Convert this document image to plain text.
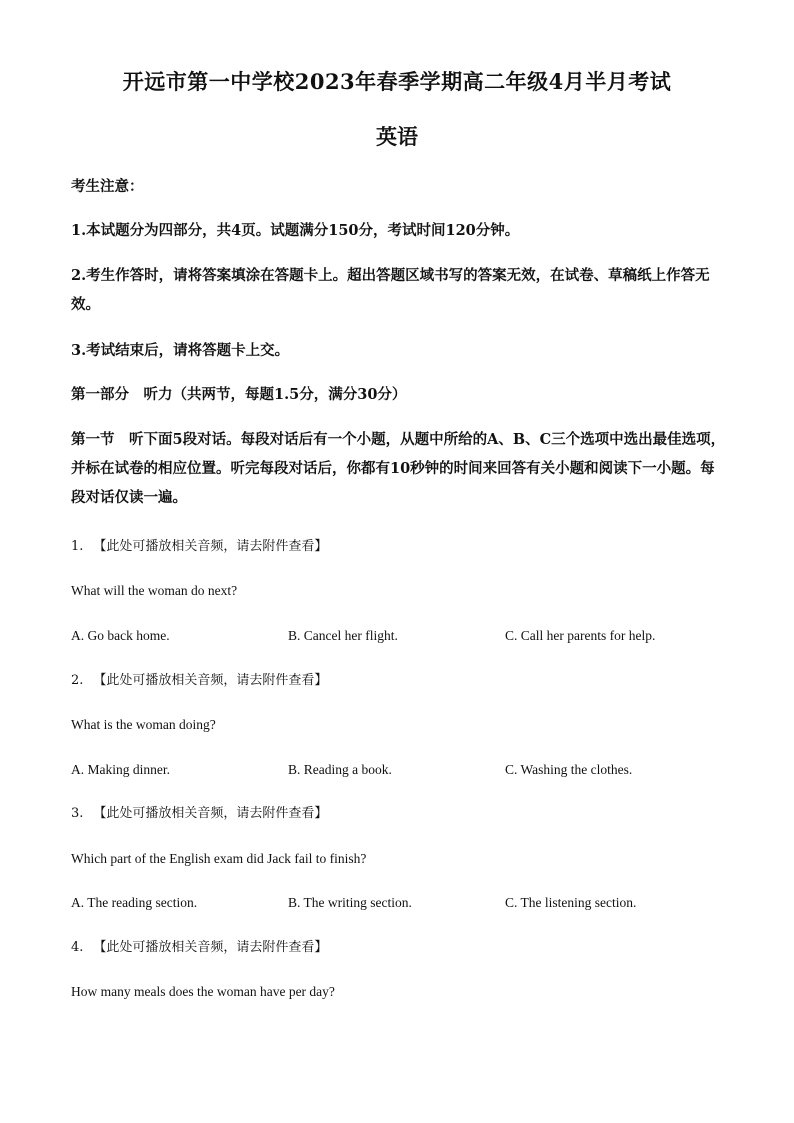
开远市第一中学校2023年春季学期高二年级4月半月考试
英语
考生注意：
1.本试题分为四部分，共4页。试题满分150分，考试时间120分钟。
2.考生作答时，请将答案填涂在答题卡上。超出答题区域书写的答案无效，在试卷、草稿纸上作答无效。
3.考试结束后，请将答题卡上交。
第一部分　听力（共两节，每题1.5分，满分30分）
第一节　听下面5段对话。每段对话后有一个小题，从题中所给的A、B、C三个选项中选出最佳选项，并标在试卷的相应位置。听完每段对话后，你都有10秒钟的时间来回答有关小题和阅读下一小题。每段对话仅读一遍。
1. 【此处可播放相关音频，请去附件查看】
What will the woman do next?
A. Go back home.	B. Cancel her flight.	C. Call her parents for help.
2. 【此处可播放相关音频，请去附件查看】
What is the woman doing?
A. Making dinner.	B. Reading a book.	C. Washing the clothes.
3. 【此处可播放相关音频，请去附件查看】
Which part of the English exam did Jack fail to finish?
A. The reading section.	B. The writing section.	C. The listening section.
4. 【此处可播放相关音频，请去附件查看】
How many meals does the woman have per day?
